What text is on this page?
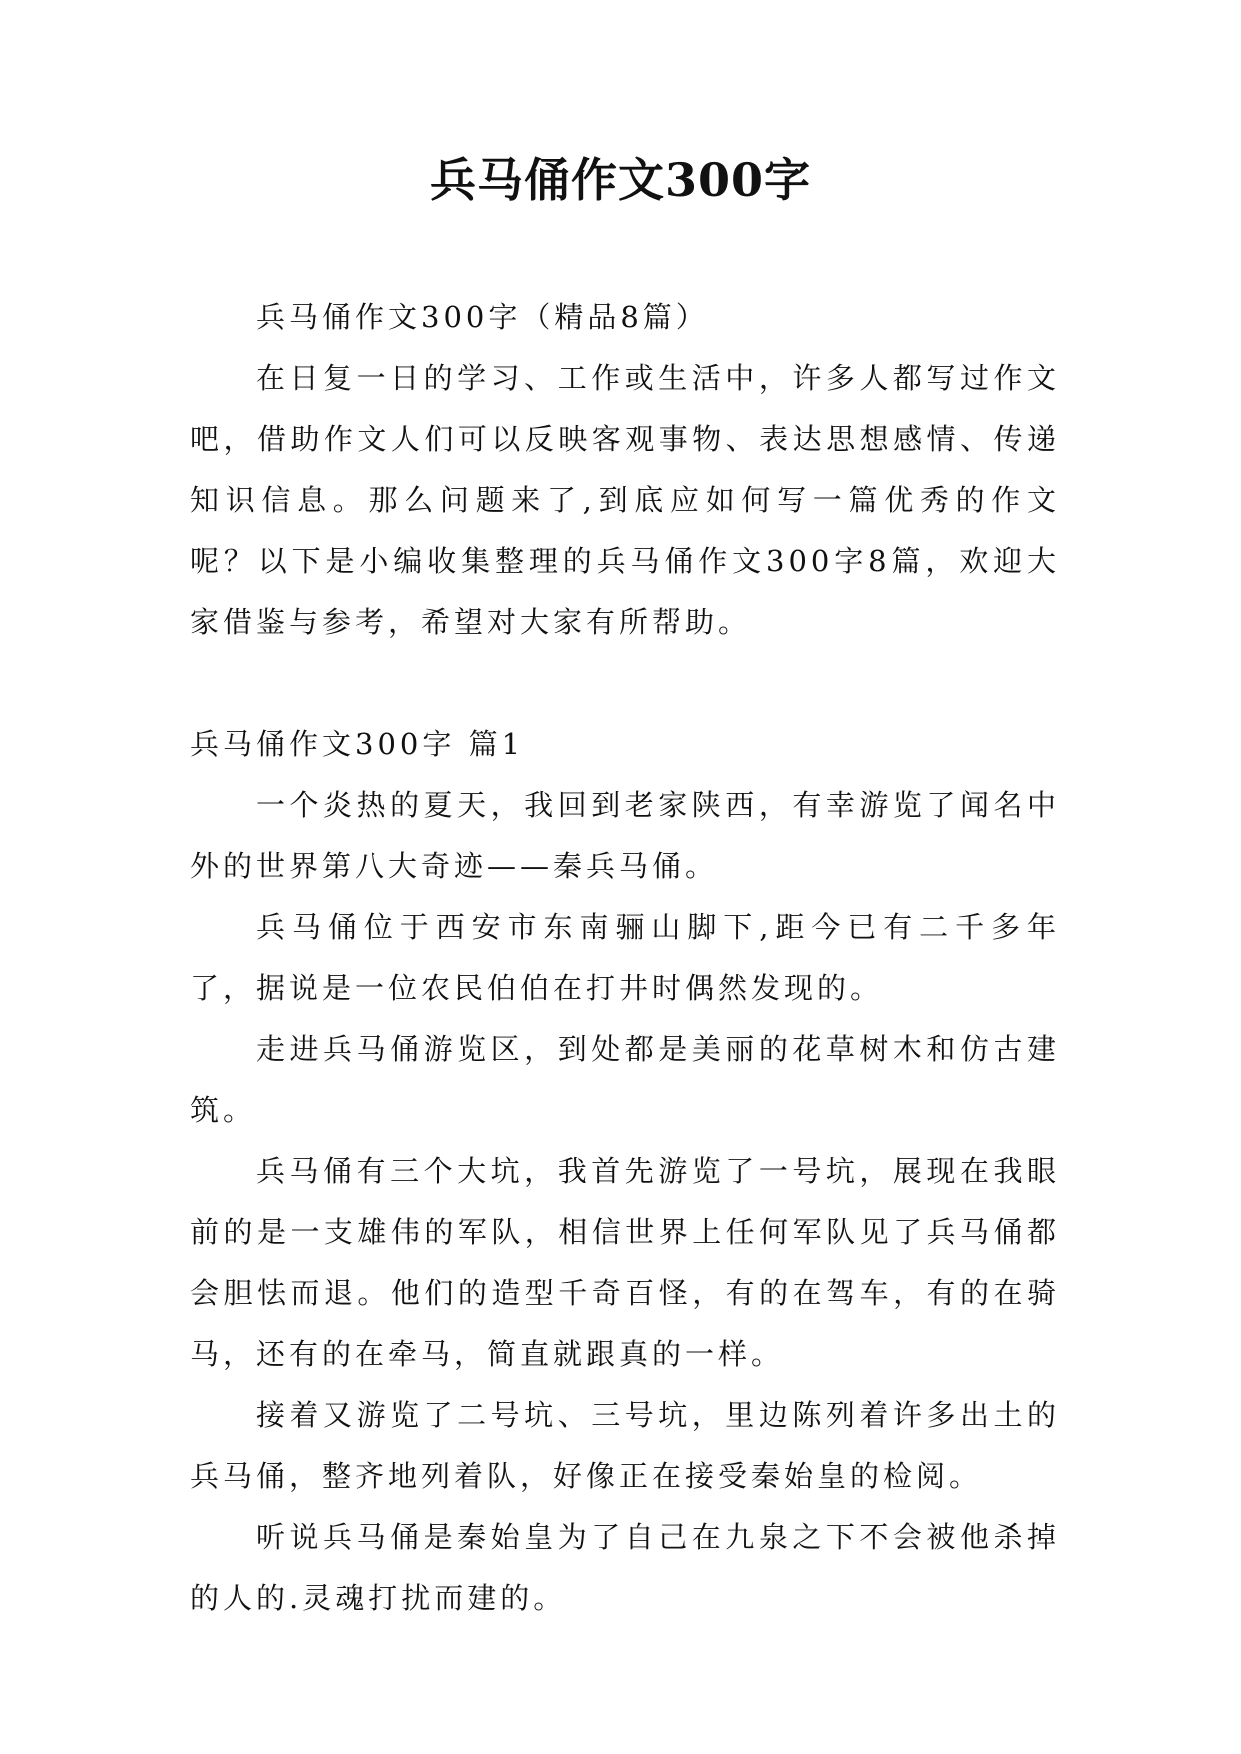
兵马俑作文300字

兵马俑作文300字（精品8篇）

在日复一日的学习、工作或生活中，许多人都写过作文吧，借助作文人们可以反映客观事物、表达思想感情、传递知识信息。那么问题来了,到底应如何写一篇优秀的作文呢？以下是小编收集整理的兵马俑作文300字8篇，欢迎大家借鉴与参考，希望对大家有所帮助。

兵马俑作文300字 篇1

一个炎热的夏天，我回到老家陕西，有幸游览了闻名中外的世界第八大奇迹——秦兵马俑。

兵马俑位于西安市东南骊山脚下,距今已有二千多年了，据说是一位农民伯伯在打井时偶然发现的。

走进兵马俑游览区，到处都是美丽的花草树木和仿古建筑。

兵马俑有三个大坑，我首先游览了一号坑，展现在我眼前的是一支雄伟的军队，相信世界上任何军队见了兵马俑都会胆怯而退。他们的造型千奇百怪，有的在驾车，有的在骑马，还有的在牵马，简直就跟真的一样。

接着又游览了二号坑、三号坑，里边陈列着许多出土的兵马俑，整齐地列着队，好像正在接受秦始皇的检阅。

听说兵马俑是秦始皇为了自己在九泉之下不会被他杀掉的人的.灵魂打扰而建的。
